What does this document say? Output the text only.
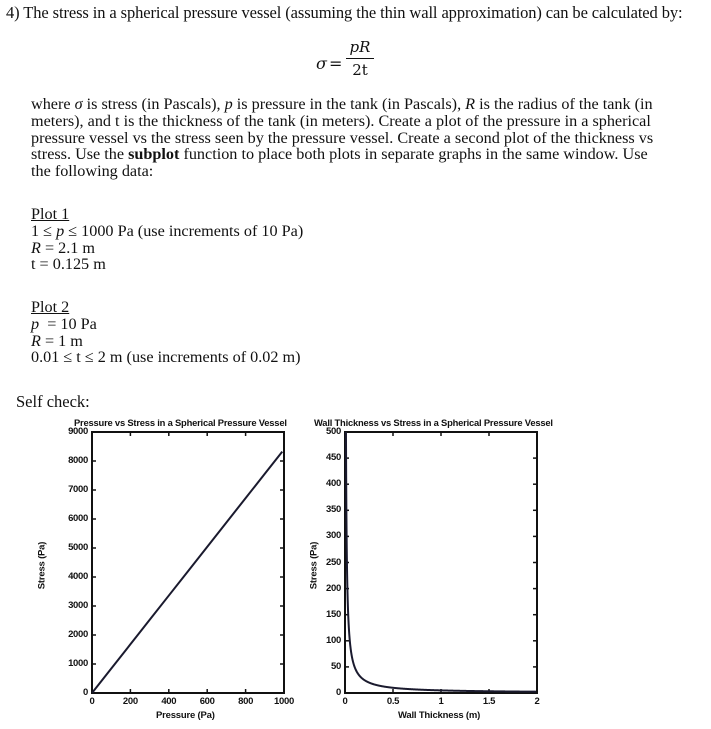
4) The stress in a spherical pressure vessel (assuming the thin wall approximation) can be calculated by:
σ =
pR
2t
where σ is stress (in Pascals), p is pressure in the tank (in Pascals), R is the radius of the tank (in meters), and t is the thickness of the tank (in meters). Create a plot of the pressure in a spherical pressure vessel vs the stress seen by the pressure vessel. Create a second plot of the thickness vs stress. Use the subplot function to place both plots in separate graphs in the same window. Use the following data:
Plot 1
1 ≤ p ≤ 1000 Pa (use increments of 10 Pa)
R = 2.1 m
t = 0.125 m
Plot 2
p  = 10 Pa
R = 1 m
0.01 ≤ t ≤ 2 m (use increments of 0.02 m)
Self check:
Pressure vs Stress in a Spherical Pressure Vessel
0
1000
2000
3000
4000
5000
6000
7000
8000
9000
0	200	400	600	800	1000
Pressure (Pa)
Stress (Pa)
Wall Thickness vs Stress in a Spherical Pressure Vessel
0
50
100
150
200
250
300
350
400
450
500
0	0.5	1	1.5	2
Wall Thickness (m)
Stress (Pa)
